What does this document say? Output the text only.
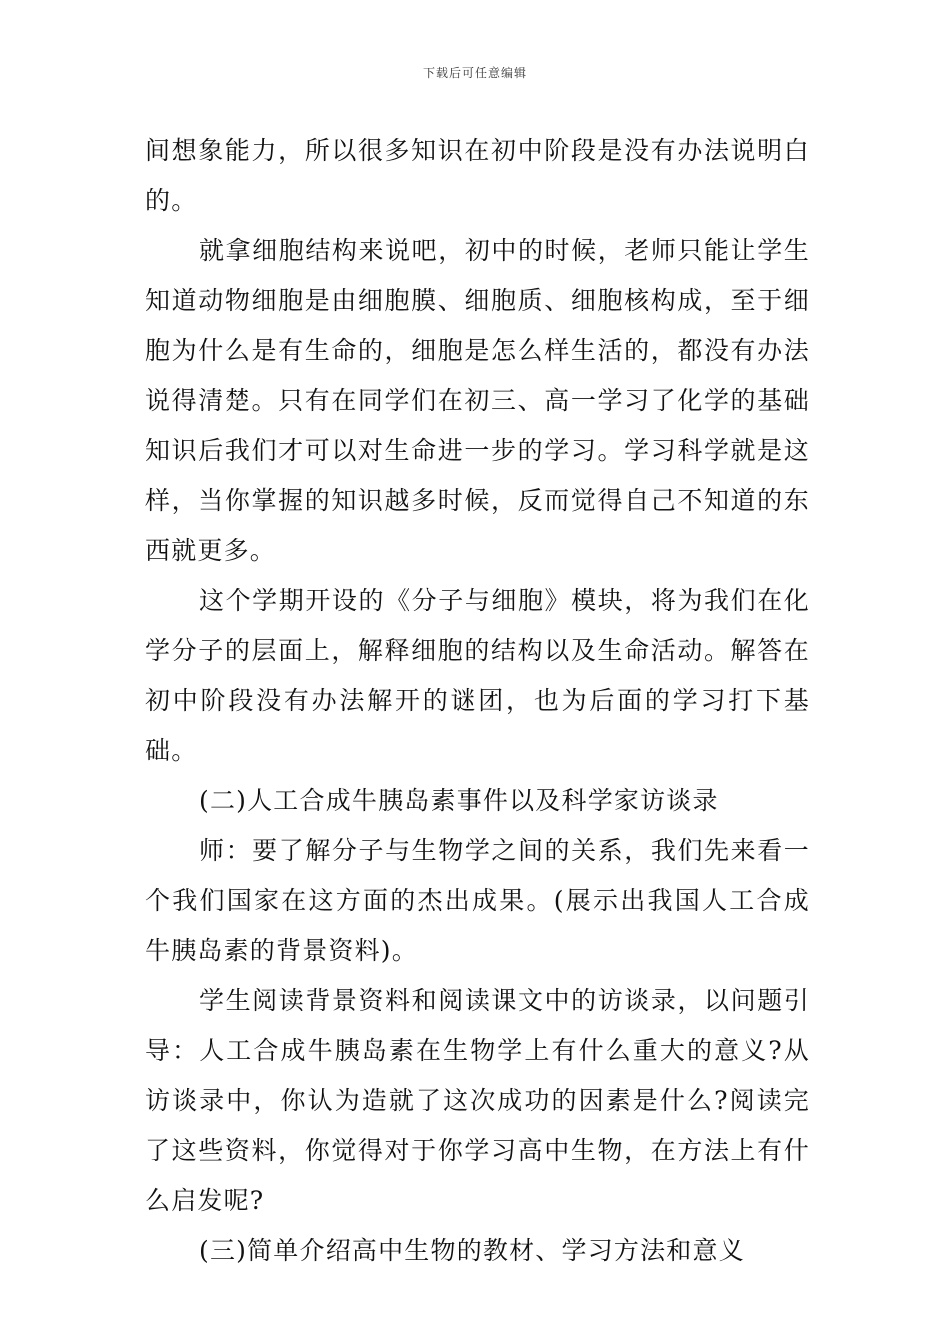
下载后可任意编辑

间想象能力，所以很多知识在初中阶段是没有办法说明白的。

就拿细胞结构来说吧，初中的时候，老师只能让学生知道动物细胞是由细胞膜、细胞质、细胞核构成，至于细胞为什么是有生命的，细胞是怎么样生活的，都没有办法说得清楚。只有在同学们在初三、高一学习了化学的基础知识后我们才可以对生命进一步的学习。学习科学就是这样，当你掌握的知识越多时候，反而觉得自己不知道的东西就更多。

这个学期开设的《分子与细胞》模块，将为我们在化学分子的层面上，解释细胞的结构以及生命活动。解答在初中阶段没有办法解开的谜团，也为后面的学习打下基础。

(二)人工合成牛胰岛素事件以及科学家访谈录

师：要了解分子与生物学之间的关系，我们先来看一个我们国家在这方面的杰出成果。(展示出我国人工合成牛胰岛素的背景资料)。

学生阅读背景资料和阅读课文中的访谈录，以问题引导：人工合成牛胰岛素在生物学上有什么重大的意义?从访谈录中，你认为造就了这次成功的因素是什么?阅读完了这些资料，你觉得对于你学习高中生物，在方法上有什么启发呢?

(三)简单介绍高中生物的教材、学习方法和意义
